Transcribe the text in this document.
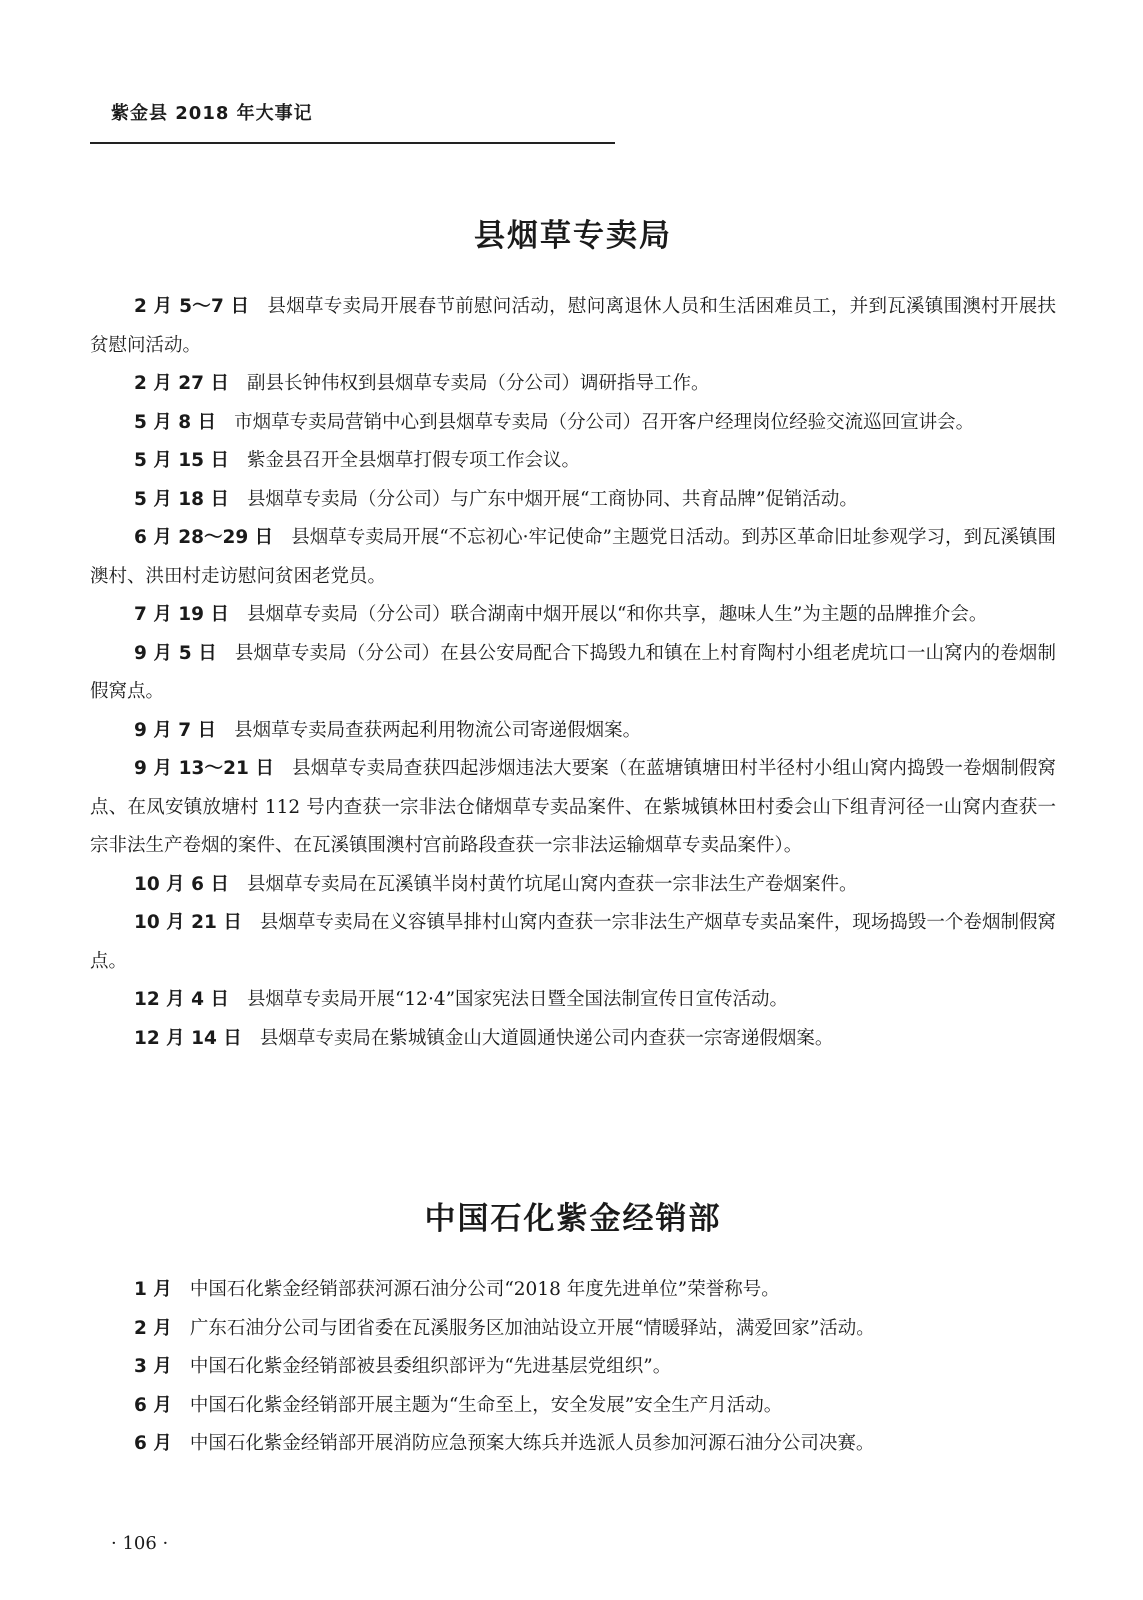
紫金县 2018 年大事记
县烟草专卖局

2 月 5～7 日 县烟草专卖局开展春节前慰问活动，慰问离退休人员和生活困难员工，并到瓦溪镇围澳村开展扶贫慰问活动。

2 月 27 日 副县长钟伟权到县烟草专卖局（分公司）调研指导工作。

5 月 8 日 市烟草专卖局营销中心到县烟草专卖局（分公司）召开客户经理岗位经验交流巡回宣讲会。

5 月 15 日 紫金县召开全县烟草打假专项工作会议。

5 月 18 日 县烟草专卖局（分公司）与广东中烟开展“工商协同、共育品牌”促销活动。

6 月 28～29 日 县烟草专卖局开展“不忘初心·牢记使命”主题党日活动。到苏区革命旧址参观学习，到瓦溪镇围澳村、洪田村走访慰问贫困老党员。

7 月 19 日 县烟草专卖局（分公司）联合湖南中烟开展以“和你共享，趣味人生”为主题的品牌推介会。

9 月 5 日 县烟草专卖局（分公司）在县公安局配合下捣毁九和镇在上村育陶村小组老虎坑口一山窝内的卷烟制假窝点。

9 月 7 日 县烟草专卖局查获两起利用物流公司寄递假烟案。

9 月 13～21 日 县烟草专卖局查获四起涉烟违法大要案（在蓝塘镇塘田村半径村小组山窝内捣毁一卷烟制假窝点、在凤安镇放塘村 112 号内查获一宗非法仓储烟草专卖品案件、在紫城镇林田村委会山下组青河径一山窝内查获一宗非法生产卷烟的案件、在瓦溪镇围澳村宫前路段查获一宗非法运输烟草专卖品案件）。

10 月 6 日 县烟草专卖局在瓦溪镇半岗村黄竹坑尾山窝内查获一宗非法生产卷烟案件。

10 月 21 日 县烟草专卖局在义容镇旱排村山窝内查获一宗非法生产烟草专卖品案件，现场捣毁一个卷烟制假窝点。

12 月 4 日 县烟草专卖局开展“12·4”国家宪法日暨全国法制宣传日宣传活动。

12 月 14 日 县烟草专卖局在紫城镇金山大道圆通快递公司内查获一宗寄递假烟案。

中国石化紫金经销部

1 月 中国石化紫金经销部获河源石油分公司“2018 年度先进单位”荣誉称号。

2 月 广东石油分公司与团省委在瓦溪服务区加油站设立开展“情暖驿站，满爱回家”活动。

3 月 中国石化紫金经销部被县委组织部评为“先进基层党组织”。

6 月 中国石化紫金经销部开展主题为“生命至上，安全发展”安全生产月活动。

6 月 中国石化紫金经销部开展消防应急预案大练兵并选派人员参加河源石油分公司决赛。

· 106 ·
